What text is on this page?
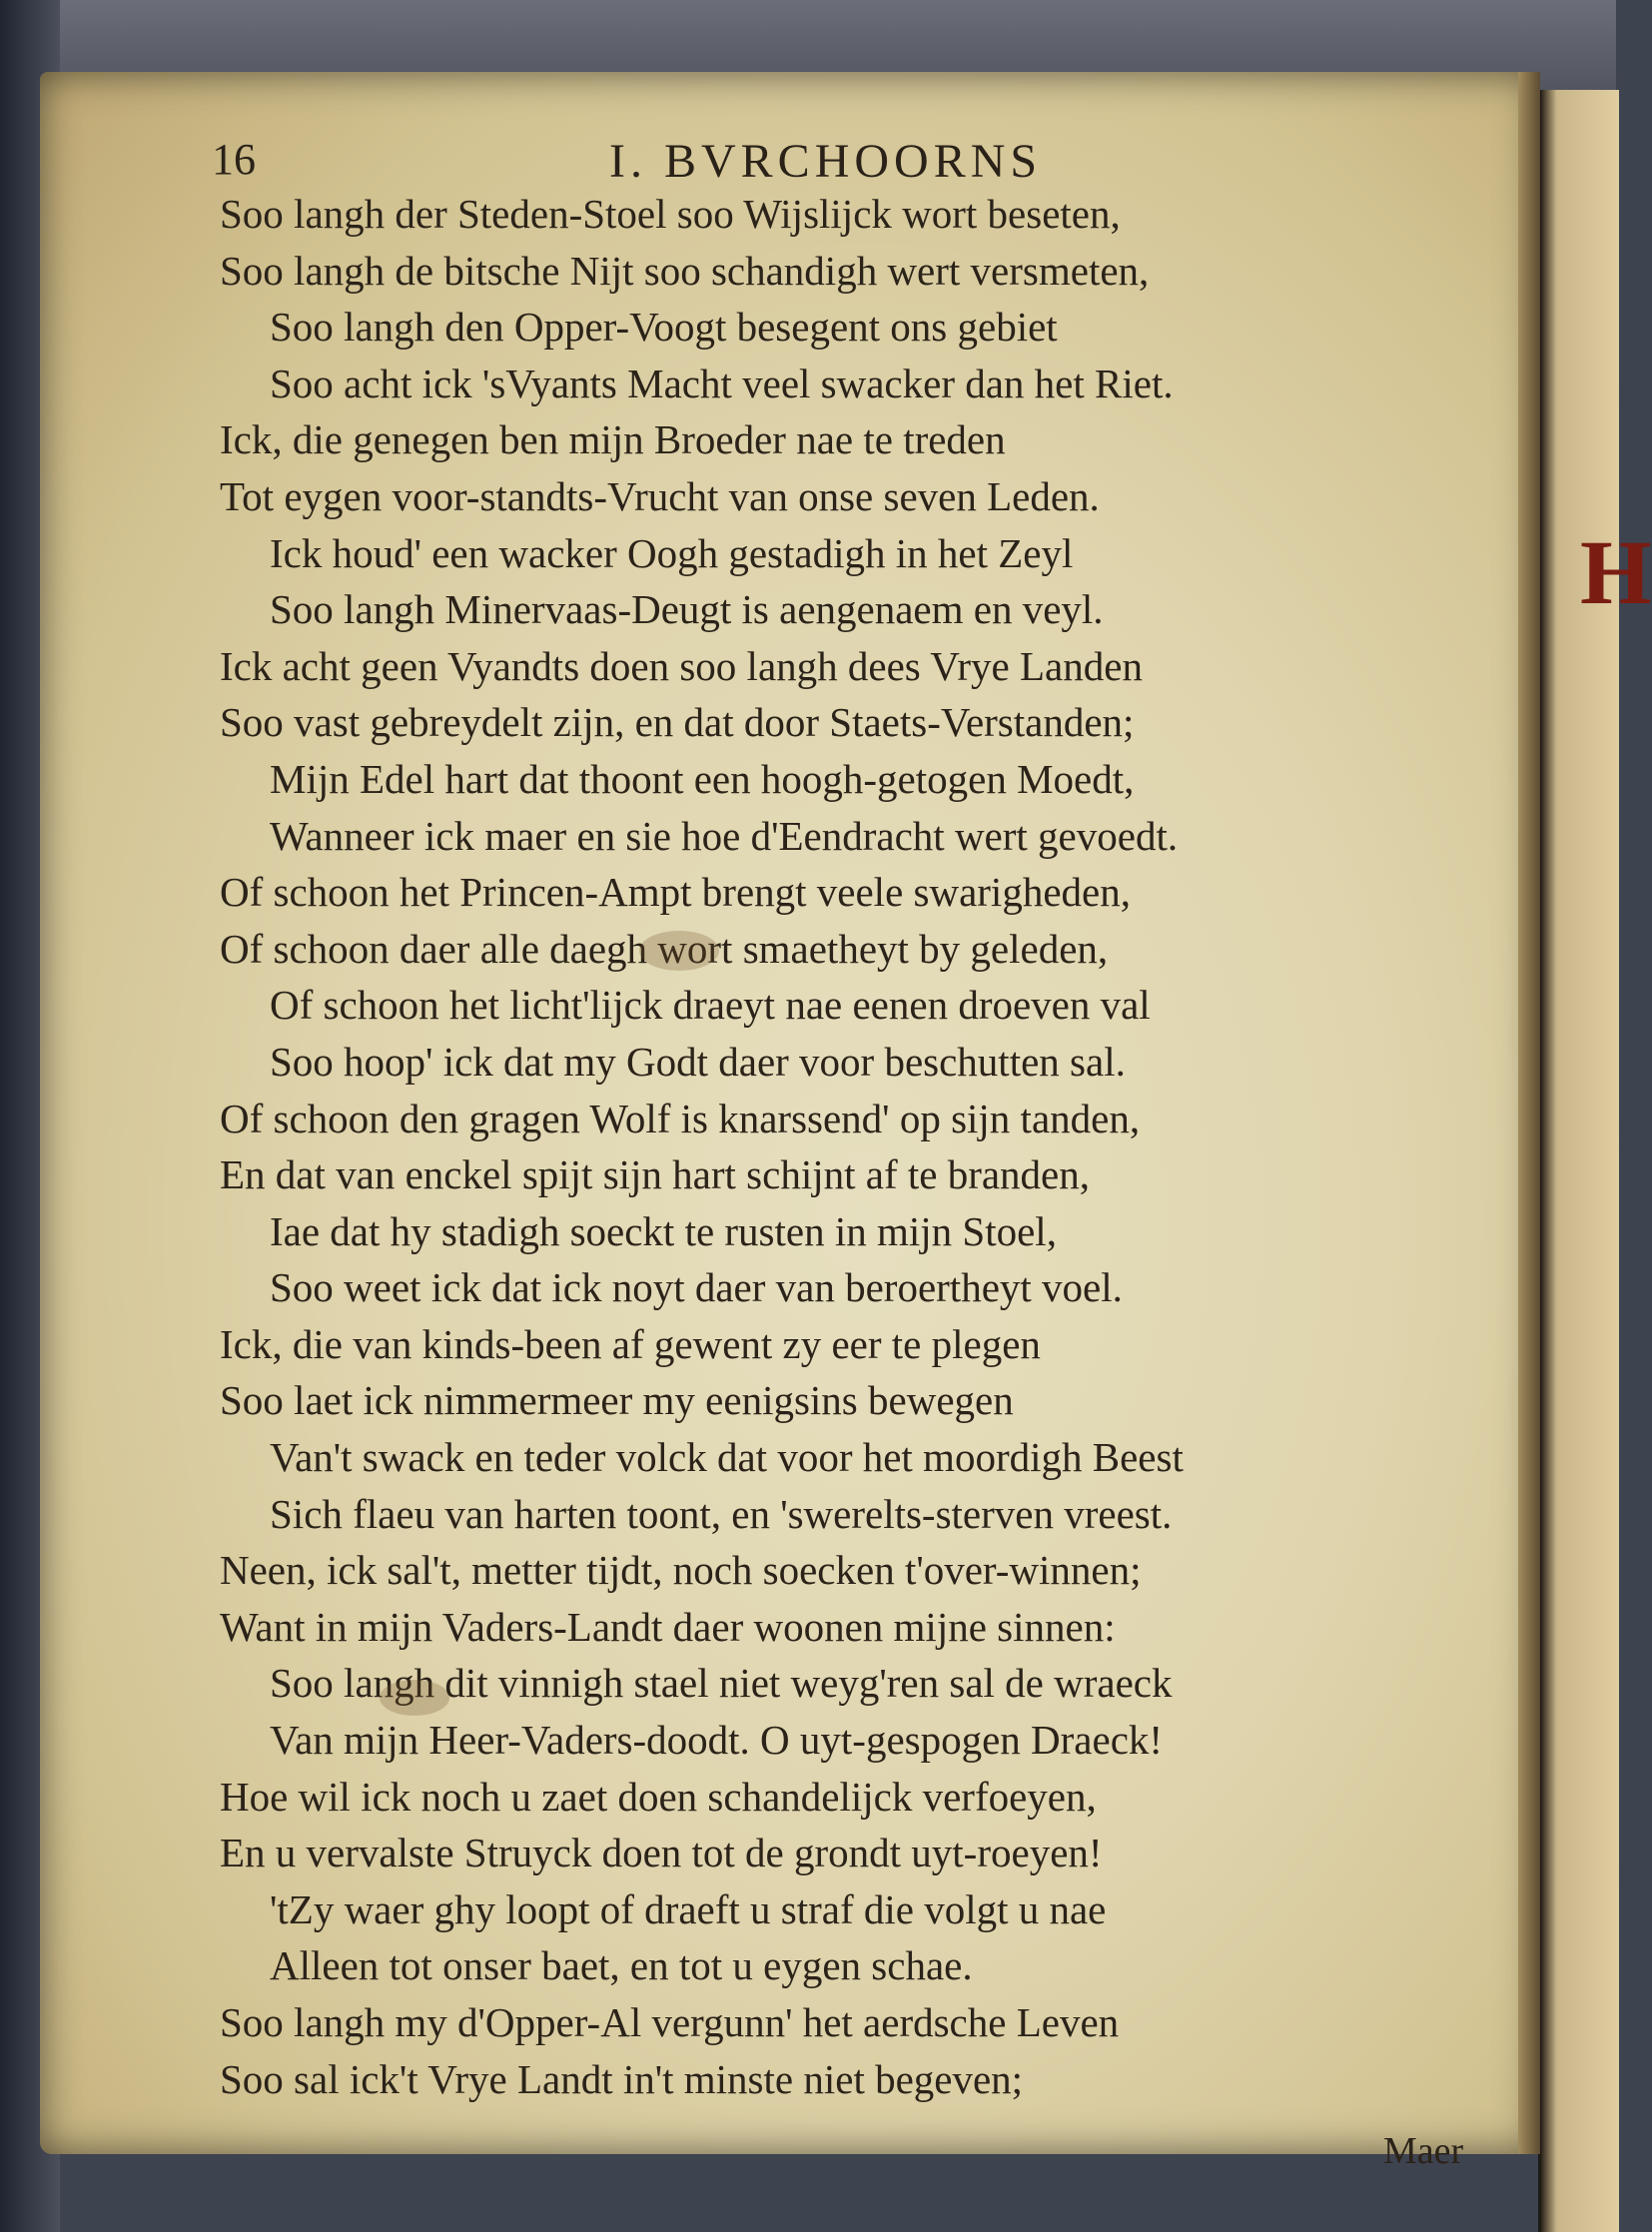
H
16	I. BVRCHOORNS
Soo langh der Steden-Stoel soo Wijslijck wort beseten,
Soo langh de bitsche Nijt soo schandigh wert versmeten,
Soo langh den Opper-Voogt besegent ons gebiet
Soo acht ick 'sVyants Macht veel swacker dan het Riet.
Ick, die genegen ben mijn Broeder nae te treden
Tot eygen voor-standts-Vrucht van onse seven Leden.
Ick houd' een wacker Oogh gestadigh in het Zeyl
Soo langh Minervaas-Deugt is aengenaem en veyl.
Ick acht geen Vyandts doen soo langh dees Vrye Landen
Soo vast gebreydelt zijn, en dat door Staets-Verstanden;
Mijn Edel hart dat thoont een hoogh-getogen Moedt,
Wanneer ick maer en sie hoe d'Eendracht wert gevoedt.
Of schoon het Princen-Ampt brengt veele swarigheden,
Of schoon daer alle daegh wort smaetheyt by geleden,
Of schoon het licht'lijck draeyt nae eenen droeven val
Soo hoop' ick dat my Godt daer voor beschutten sal.
Of schoon den gragen Wolf is knarssend' op sijn tanden,
En dat van enckel spijt sijn hart schijnt af te branden,
Iae dat hy stadigh soeckt te rusten in mijn Stoel,
Soo weet ick dat ick noyt daer van beroertheyt voel.
Ick, die van kinds-been af gewent zy eer te plegen
Soo laet ick nimmermeer my eenigsins bewegen
Van't swack en teder volck dat voor het moordigh Beest
Sich flaeu van harten toont, en 'swerelts-sterven vreest.
Neen, ick sal't, metter tijdt, noch soecken t'over-winnen;
Want in mijn Vaders-Landt daer woonen mijne sinnen:
Soo langh dit vinnigh stael niet weyg'ren sal de wraeck
Van mijn Heer-Vaders-doodt. O uyt-gespogen Draeck!
Hoe wil ick noch u zaet doen schandelijck verfoeyen,
En u vervalste Struyck doen tot de grondt uyt-roeyen!
'tZy waer ghy loopt of draeft u straf die volgt u nae
Alleen tot onser baet, en tot u eygen schae.
Soo langh my d'Opper-Al vergunn' het aerdsche Leven
Soo sal ick't Vrye Landt in't minste niet begeven;
Maer
